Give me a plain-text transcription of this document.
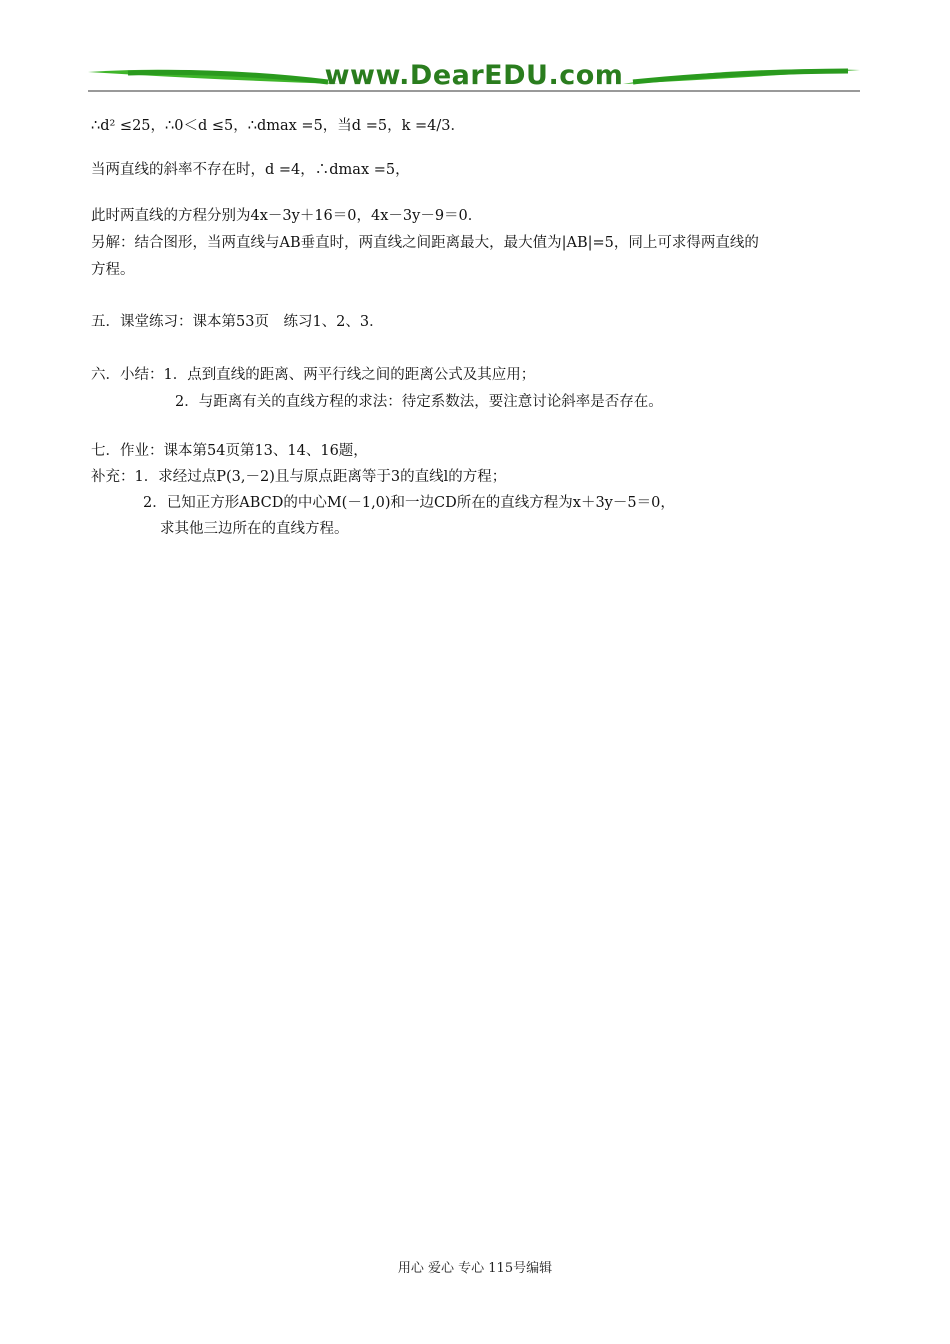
www.DearEDU.com
∴d² ≤25，∴0＜d ≤5，∴dmax =5，当d =5，k =4/3．
当两直线的斜率不存在时，d =4，∴dmax =5，
此时两直线的方程分别为4x－3y＋16＝0，4x－3y－9＝0．
另解：结合图形，当两直线与AB垂直时，两直线之间距离最大，最大值为|AB|=5，同上可求得两直线的
方程。
五．课堂练习：课本第53页　练习1、2、3．
六．小结：1．点到直线的距离、两平行线之间的距离公式及其应用；
2．与距离有关的直线方程的求法：待定系数法，要注意讨论斜率是否存在。
七．作业：课本第54页第13、14、16题，
补充：1．求经过点P(3,－2)且与原点距离等于3的直线l的方程；
2．已知正方形ABCD的中心M(－1,0)和一边CD所在的直线方程为x＋3y－5＝0，
求其他三边所在的直线方程。
用心 爱心 专心 115号编辑
